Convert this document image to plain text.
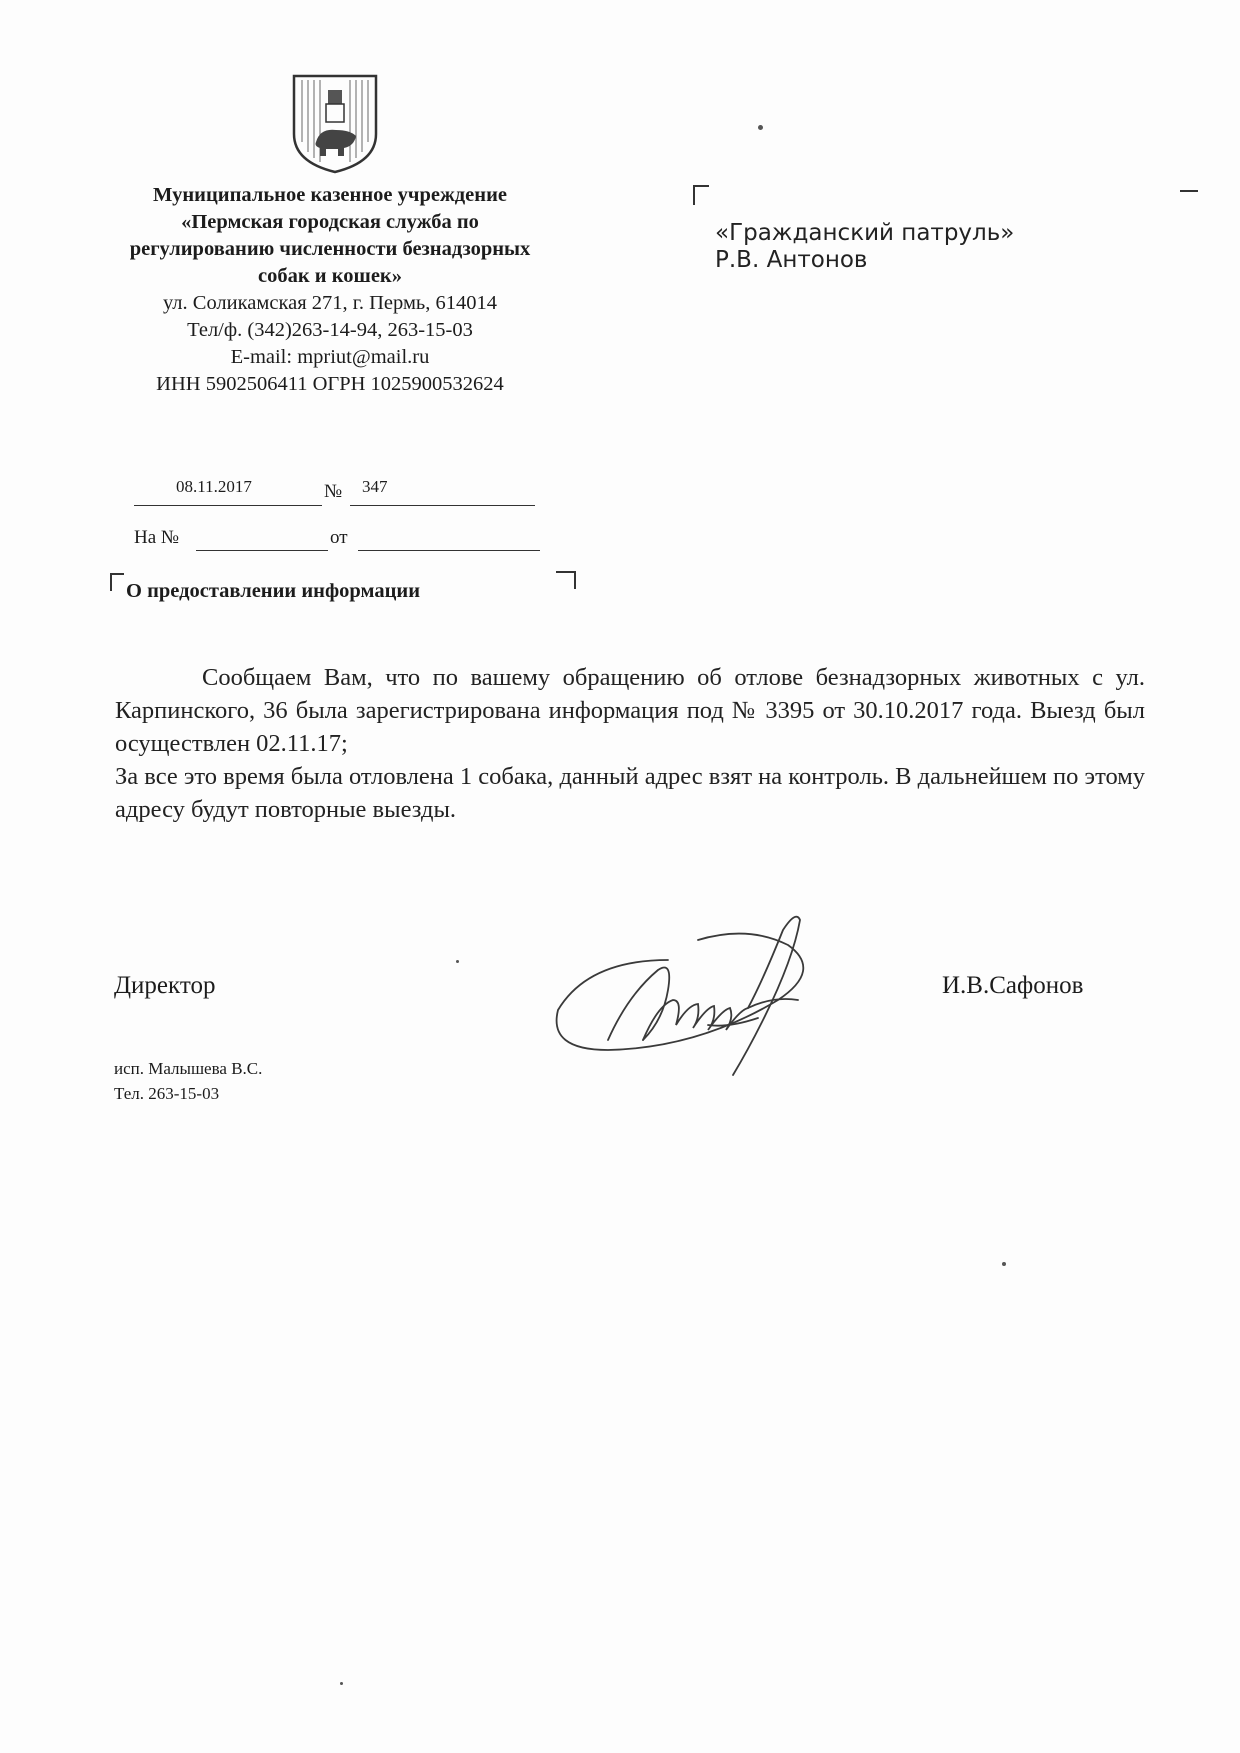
Муниципальное казенное учреждение
«Пермская городская служба по
регулированию численности безнадзорных
собак и кошек»
ул. Соликамская 271, г. Пермь, 614014
Тел/ф. (342)263-14-94, 263-15-03
E-mail: mpriut@mail.ru
ИНН 5902506411 ОГРН 1025900532624
«Гражданский патруль»
Р.В. Антонов
08.11.2017	№ 347
На №	от
О предоставлении информации

Сообщаем Вам, что по вашему обращению об отлове безнадзорных животных с ул. Карпинского, 36 была зарегистрирована информация под № 3395 от 30.10.2017 года. Выезд был осуществлен 02.11.17;

За все это время была отловлена 1 собака, данный адрес взят на контроль. В дальнейшем по этому адресу будут повторные выезды.

Директор	И.В.Сафонов
исп. Малышева В.С.
Тел. 263-15-03
